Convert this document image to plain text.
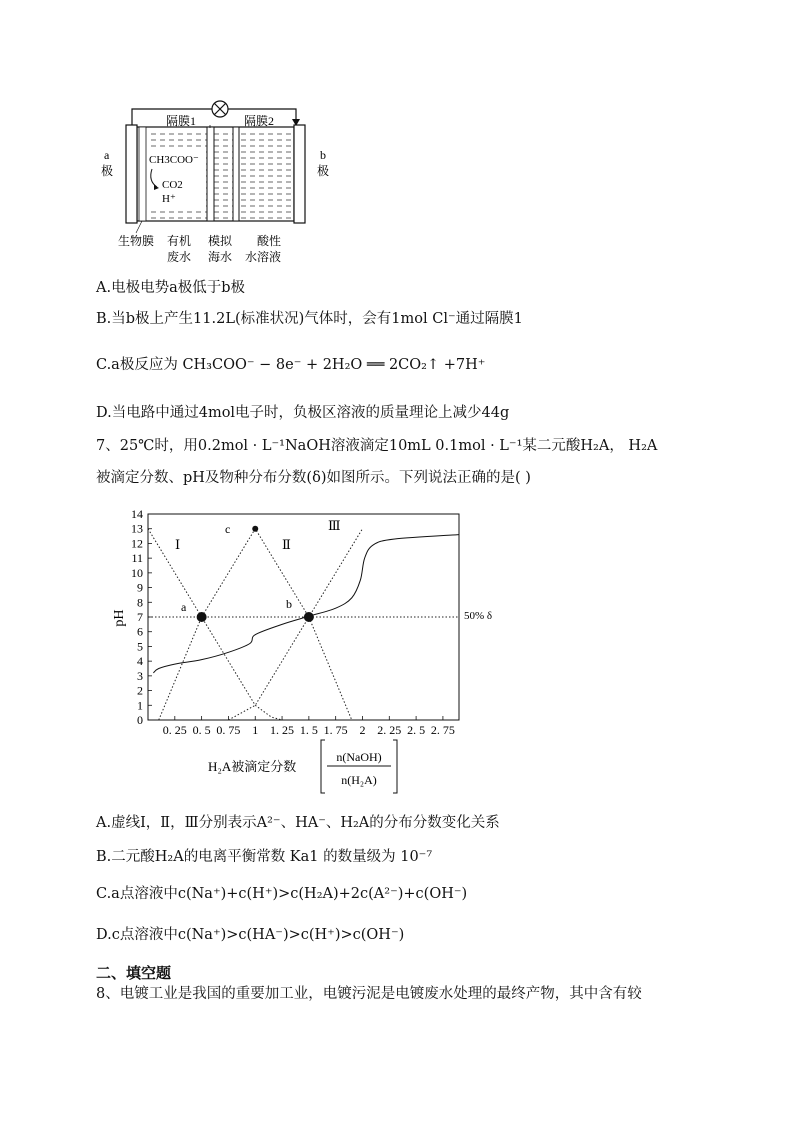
隔膜1	隔膜2
CH3COO⁻
CO2
H⁺
a
极
b
极
生物膜 有机
废水
模拟
海水
酸性
水溶液
A.电极电势a极低于b极
B.当b极上产生11.2L(标准状况)气体时，会有1mol Cl⁻通过隔膜1
C.a极反应为 CH₃COO⁻ − 8e⁻ + 2H₂O ══ 2CO₂↑ +7H⁺
D.当电路中通过4mol电子时，负极区溶液的质量理论上减少44g
7、25℃时，用0.2mol · L⁻¹NaOH溶液滴定10mL 0.1mol · L⁻¹某二元酸H₂A， H₂A
被滴定分数、pH及物种分布分数(δ)如图所示。下列说法正确的是( )
0
1
2
3
4
5
6
7
8
9
10
11
12
13
14
0. 25 0. 5 0. 75 1 1. 25 1. 5 1. 75 2 2. 25 2. 5 2. 75
pH	50% δ
Ⅰ	Ⅱ
Ⅲ
a	b
c
H₂A被滴定分数
n(NaOH)
n(H₂A)
A.虚线Ⅰ，Ⅱ，Ⅲ分别表示A²⁻、HA⁻、H₂A的分布分数变化关系
B.二元酸H₂A的电离平衡常数 Ka1 的数量级为 10⁻⁷
C.a点溶液中c(Na⁺)+c(H⁺)>c(H₂A)+2c(A²⁻)+c(OH⁻)
D.c点溶液中c(Na⁺)>c(HA⁻)>c(H⁺)>c(OH⁻)
二、填空题
8、电镀工业是我国的重要加工业，电镀污泥是电镀废水处理的最终产物，其中含有较
